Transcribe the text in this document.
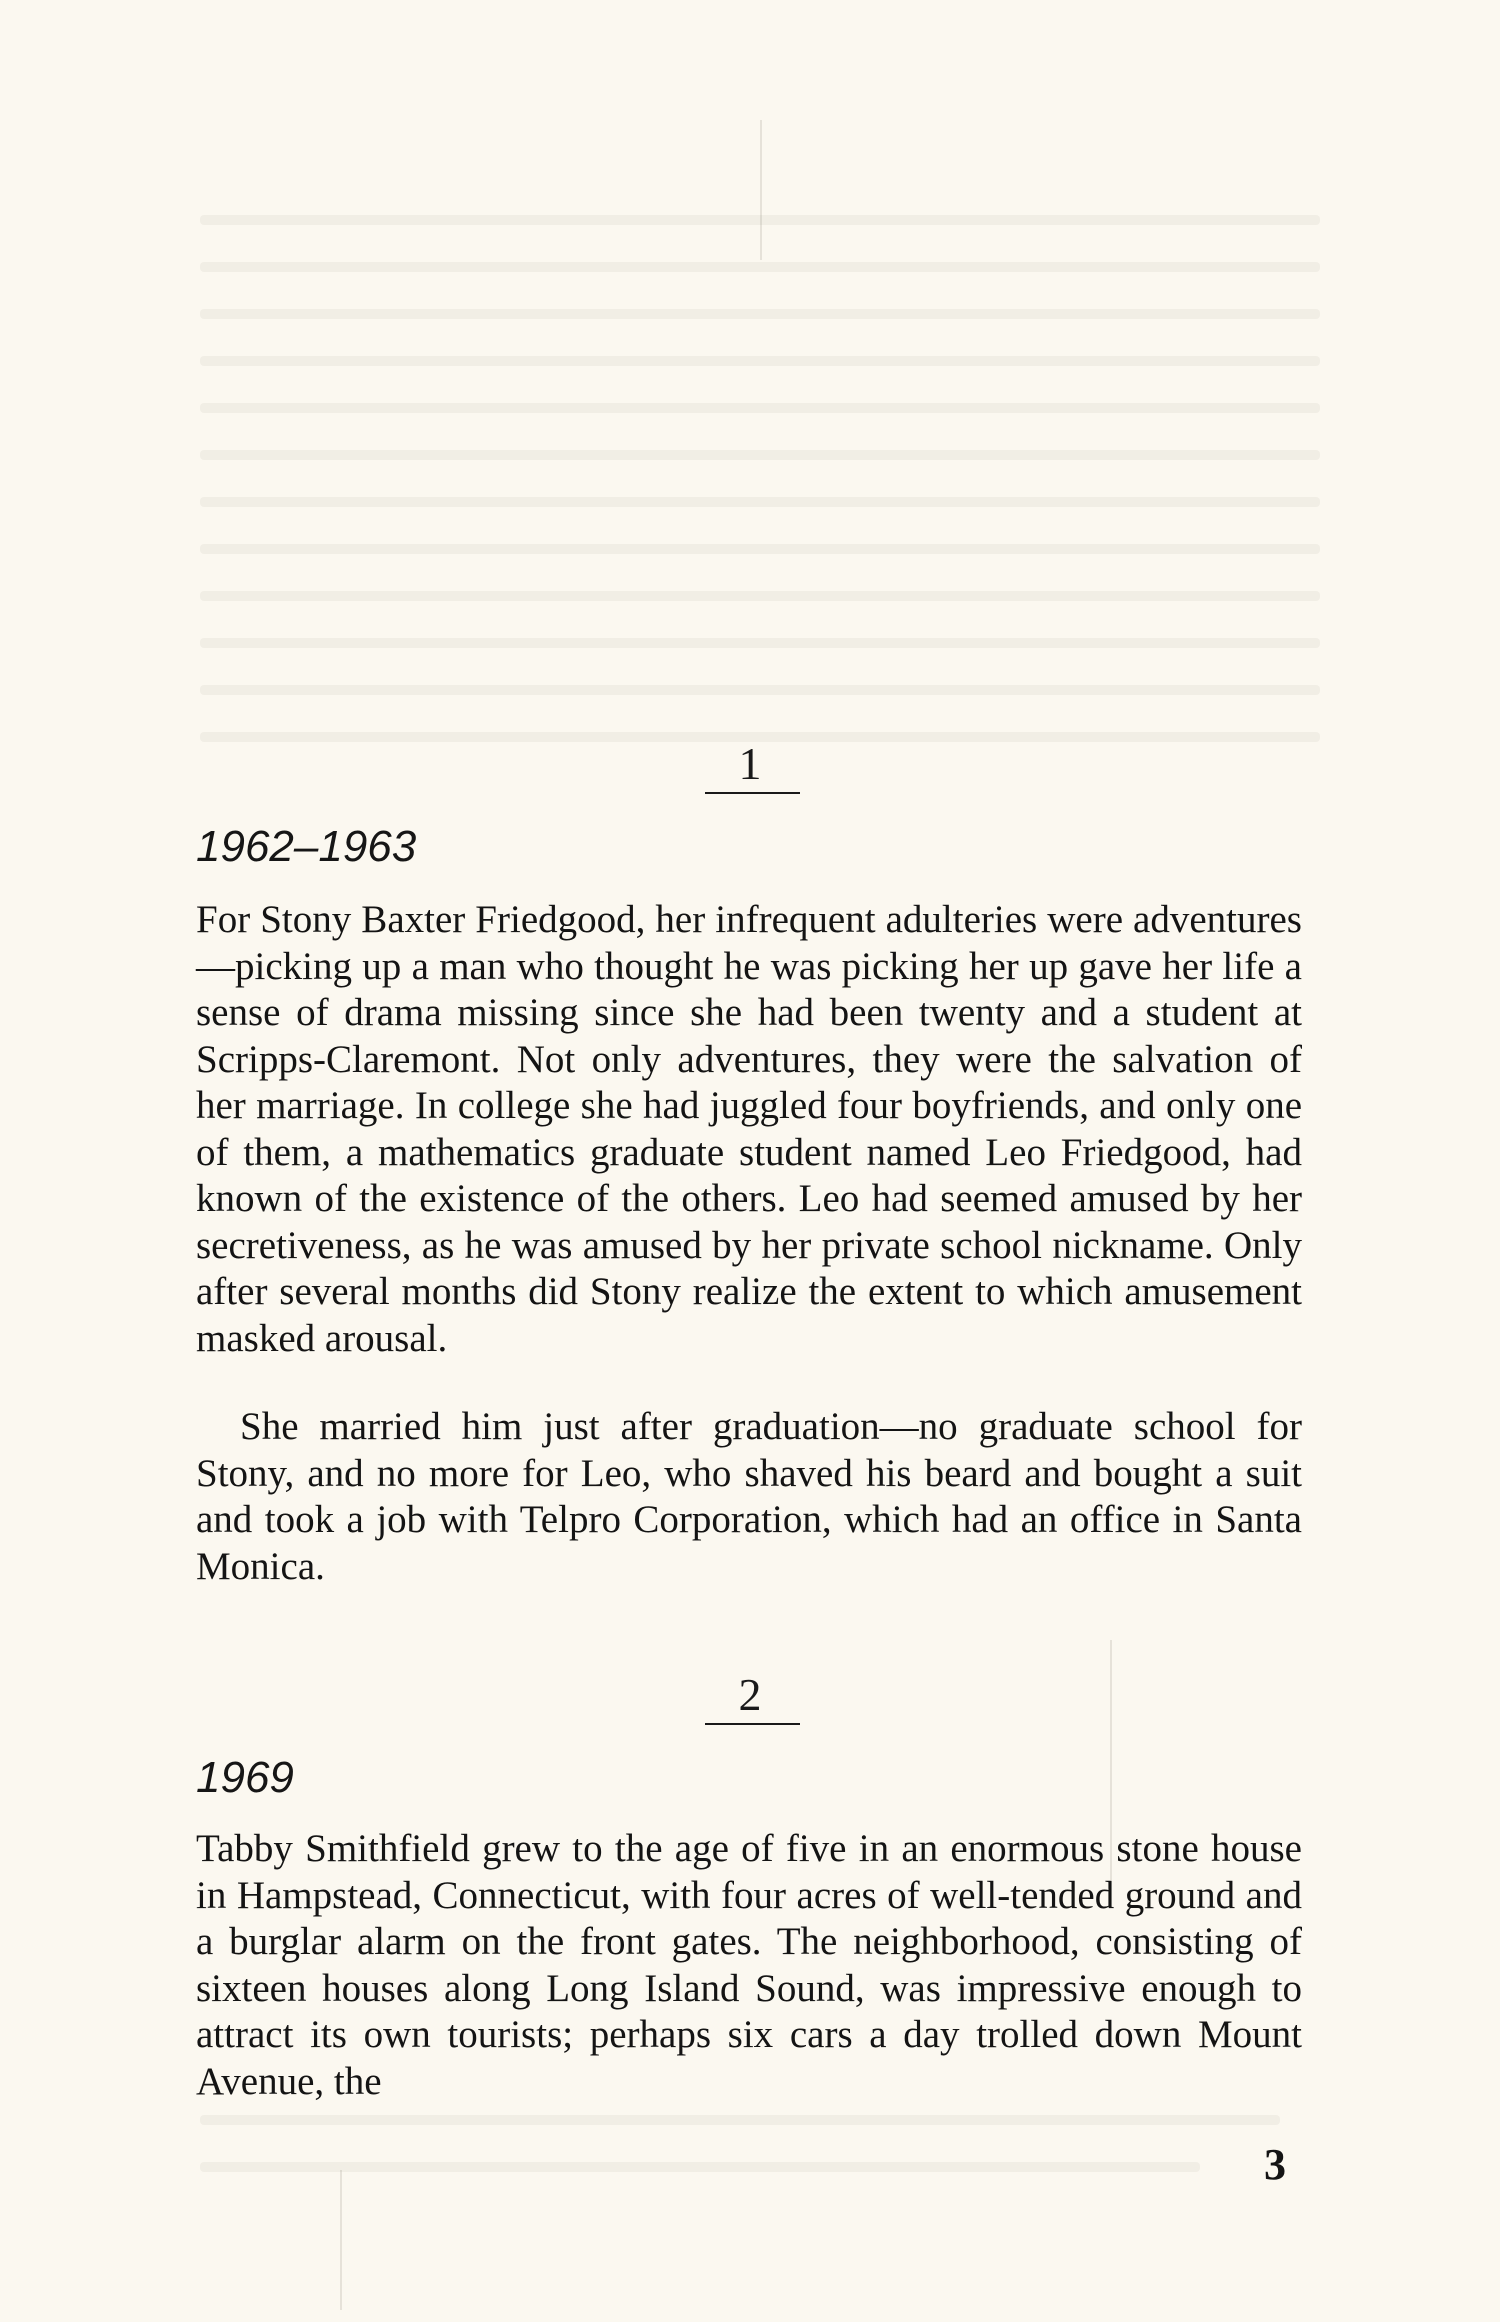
1
1962–1963

For Stony Baxter Friedgood, her infrequent adulteries were adventures—picking up a man who thought he was picking her up gave her life a sense of drama missing since she had been twenty and a student at Scripps-Claremont. Not only adventures, they were the salvation of her marriage. In college she had juggled four boyfriends, and only one of them, a mathematics graduate student named Leo Friedgood, had known of the existence of the others. Leo had seemed amused by her secretiveness, as he was amused by her private school nickname. Only after several months did Stony realize the extent to which amusement masked arousal.

She married him just after graduation—no graduate school for Stony, and no more for Leo, who shaved his beard and bought a suit and took a job with Telpro Corporation, which had an office in Santa Monica.

2
1969

Tabby Smithfield grew to the age of five in an enormous stone house in Hampstead, Connecticut, with four acres of well-tended ground and a burglar alarm on the front gates. The neighborhood, consisting of sixteen houses along Long Island Sound, was impressive enough to attract its own tourists; perhaps six cars a day trolled down Mount Avenue, the

3
